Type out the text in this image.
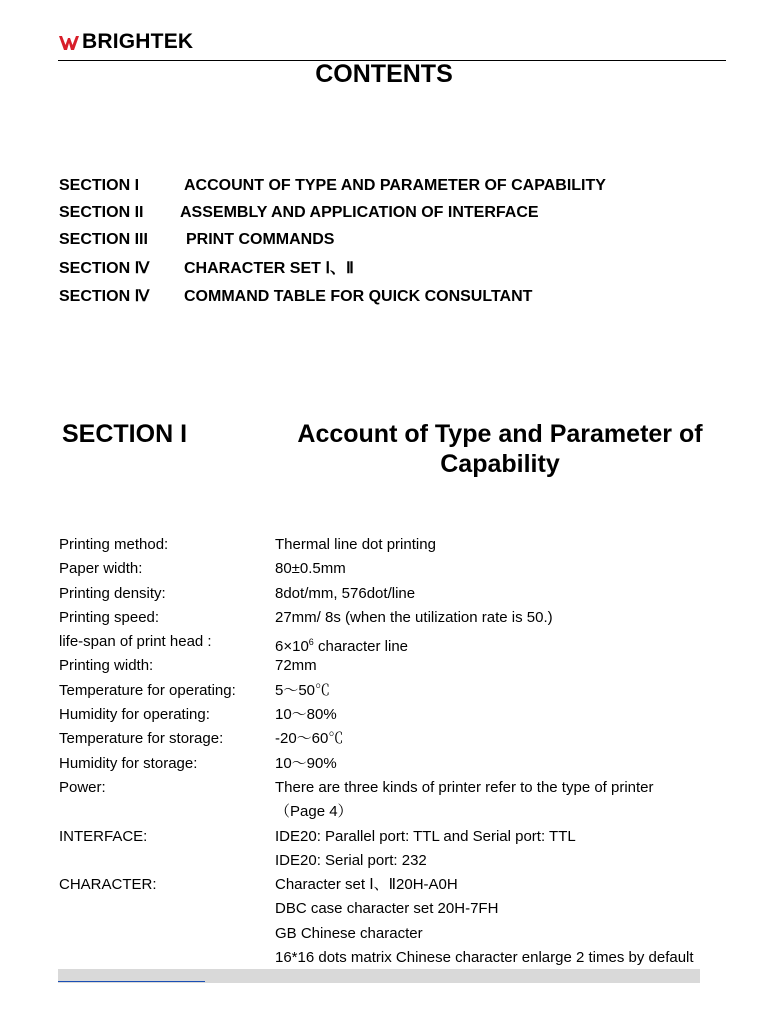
BRIGHTEK
CONTENTS
SECTION I	ACCOUNT OF TYPE AND PARAMETER OF CAPABILITY
SECTION II	ASSEMBLY AND APPLICATION OF INTERFACE
SECTION III	PRINT COMMANDS
SECTION Ⅳ	CHARACTER SET Ⅰ、Ⅱ
SECTION Ⅳ	COMMAND TABLE FOR QUICK CONSULTANT
SECTION I	Account of Type and Parameter of
Capability
Printing method:	Thermal line dot printing
Paper width:	80±0.5mm
Printing density:	8dot/mm, 576dot/line
Printing speed:	27mm/ 8s (when the utilization rate is 50.)
life-span of print head :	$6\times 10^6$ character line
Printing width:	72mm
Temperature for operating:	5～50℃
Humidity for operating:	10～80%
Temperature for storage:	-20～60℃
Humidity for storage:	10～90%
Power:	There are three kinds of printer refer to the type of printer
（Page 4）
INTERFACE:	IDE20: Parallel port: TTL and Serial port: TTL
IDE20: Serial port: 232
CHARACTER:	Character set Ⅰ、Ⅱ20H-A0H
DBC case character set 20H-7FH
GB Chinese character
16*16 dots matrix Chinese character enlarge 2 times by default
